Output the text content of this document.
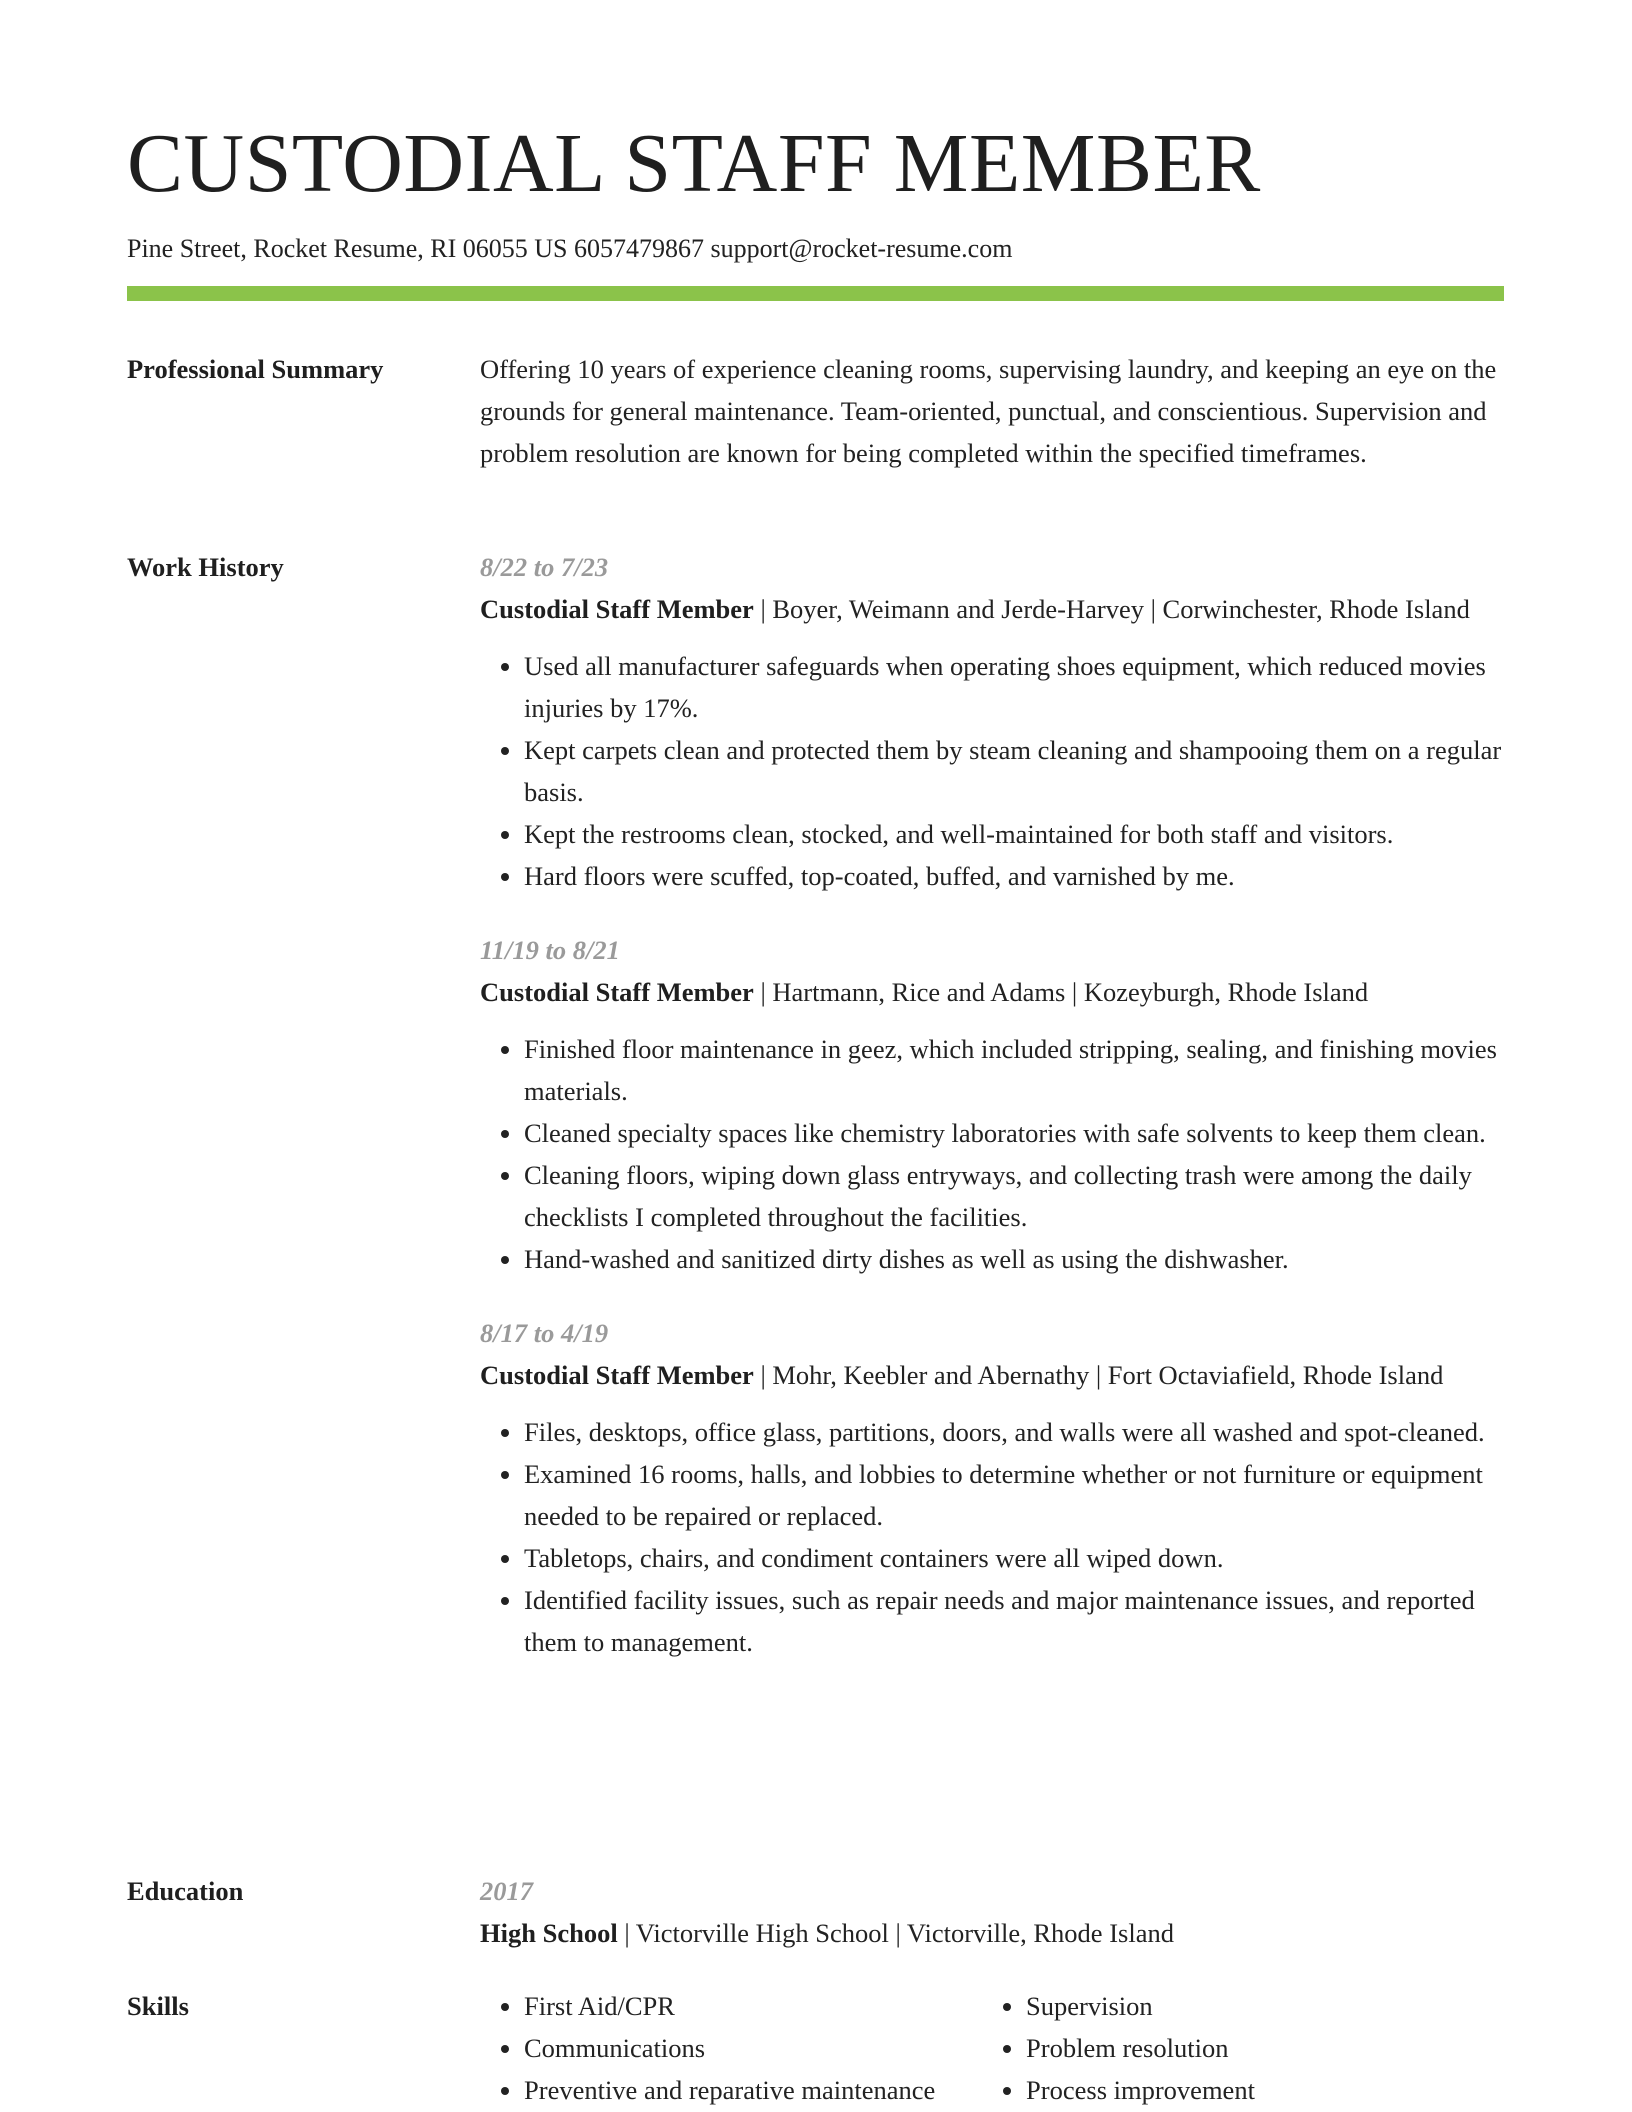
CUSTODIAL STAFF MEMBER
Pine Street, Rocket Resume, RI 06055 US 6057479867 support@rocket-resume.com
Professional Summary	Offering 10 years of experience cleaning rooms, supervising laundry, and keeping an eye on the grounds for general maintenance. Team-oriented, punctual, and conscientious. Supervision and problem resolution are known for being completed within the specified timeframes.

Work History	8/22 to 7/23

Custodial Staff Member | Boyer, Weimann and Jerde-Harvey | Corwinchester, Rhode Island

• Used all manufacturer safeguards when operating shoes equipment, which reduced movies injuries by 17%.
• Kept carpets clean and protected them by steam cleaning and shampooing them on a regular basis.
• Kept the restrooms clean, stocked, and well-maintained for both staff and visitors.
• Hard floors were scuffed, top-coated, buffed, and varnished by me.
11/19 to 8/21

Custodial Staff Member | Hartmann, Rice and Adams | Kozeyburgh, Rhode Island

• Finished floor maintenance in geez, which included stripping, sealing, and finishing movies materials.
• Cleaned specialty spaces like chemistry laboratories with safe solvents to keep them clean.
• Cleaning floors, wiping down glass entryways, and collecting trash were among the daily checklists I completed throughout the facilities.
• Hand-washed and sanitized dirty dishes as well as using the dishwasher.
8/17 to 4/19

Custodial Staff Member | Mohr, Keebler and Abernathy | Fort Octaviafield, Rhode Island

• Files, desktops, office glass, partitions, doors, and walls were all washed and spot-cleaned.
• Examined 16 rooms, halls, and lobbies to determine whether or not furniture or equipment needed to be repaired or replaced.
• Tabletops, chairs, and condiment containers were all wiped down.
• Identified facility issues, such as repair needs and major maintenance issues, and reported them to management.
Education	2017

High School | Victorville High School | Victorville, Rhode Island

Skills
•	First Aid/CPR
• Communications
• Preventive and reparative maintenance
• Supervision
• Problem resolution
• Process improvement
